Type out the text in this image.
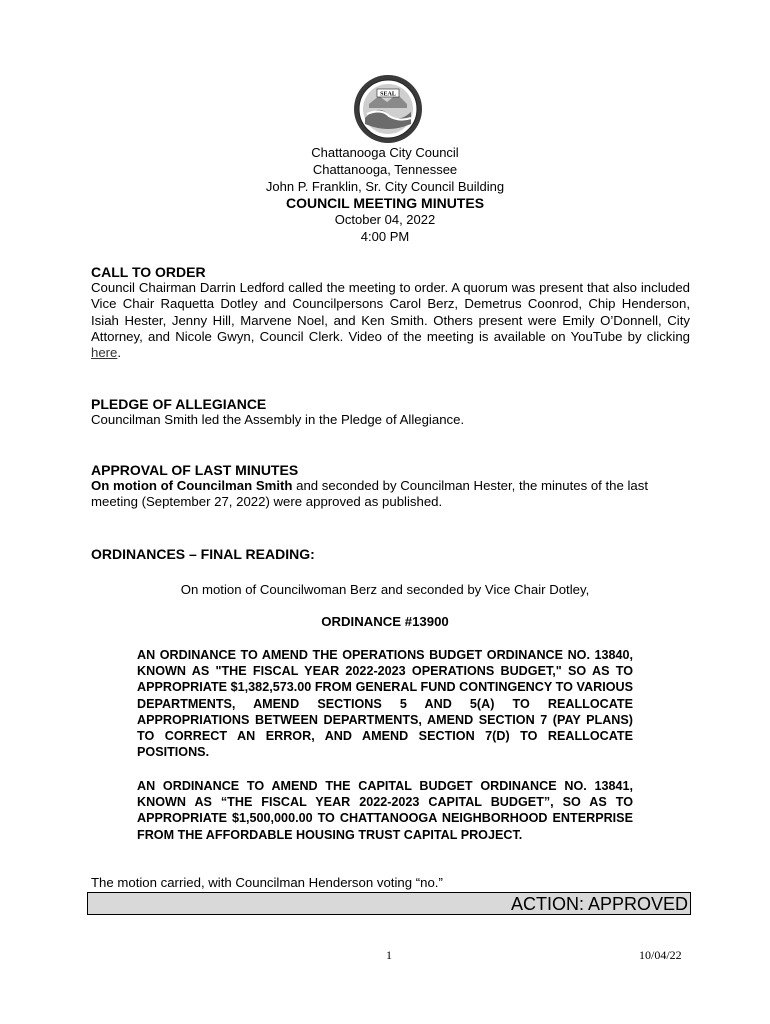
SEAL
Chattanooga City Council
Chattanooga, Tennessee
John P. Franklin, Sr. City Council Building
COUNCIL MEETING MINUTES
October 04, 2022
4:00 PM
CALL TO ORDER
Council Chairman Darrin Ledford called the meeting to order. A quorum was present that also included Vice Chair Raquetta Dotley and Councilpersons Carol Berz, Demetrus Coonrod, Chip Henderson, Isiah Hester, Jenny Hill, Marvene Noel, and Ken Smith. Others present were Emily O’Donnell, City Attorney, and Nicole Gwyn, Council Clerk. Video of the meeting is available on YouTube by clicking here.
PLEDGE OF ALLEGIANCE
Councilman Smith led the Assembly in the Pledge of Allegiance.
APPROVAL OF LAST MINUTES
On motion of Councilman Smith and seconded by Councilman Hester, the minutes of the last meeting (September 27, 2022) were approved as published.
ORDINANCES – FINAL READING:
On motion of Councilwoman Berz and seconded by Vice Chair Dotley,
ORDINANCE #13900
AN ORDINANCE TO AMEND THE OPERATIONS BUDGET ORDINANCE NO. 13840, KNOWN AS "THE FISCAL YEAR 2022-2023 OPERATIONS BUDGET," SO AS TO APPROPRIATE $1,382,573.00 FROM GENERAL FUND CONTINGENCY TO VARIOUS DEPARTMENTS, AMEND SECTIONS 5 AND 5(A) TO REALLOCATE APPROPRIATIONS BETWEEN DEPARTMENTS, AMEND SECTION 7 (PAY PLANS) TO CORRECT AN ERROR, AND AMEND SECTION 7(D) TO REALLOCATE POSITIONS.
AN ORDINANCE TO AMEND THE CAPITAL BUDGET ORDINANCE NO. 13841, KNOWN AS “THE FISCAL YEAR 2022-2023 CAPITAL BUDGET”, SO AS TO APPROPRIATE $1,500,000.00 TO CHATTANOOGA NEIGHBORHOOD ENTERPRISE FROM THE AFFORDABLE HOUSING TRUST CAPITAL PROJECT.
The motion carried, with Councilman Henderson voting “no.”
ACTION: APPROVED
1	10/04/22
